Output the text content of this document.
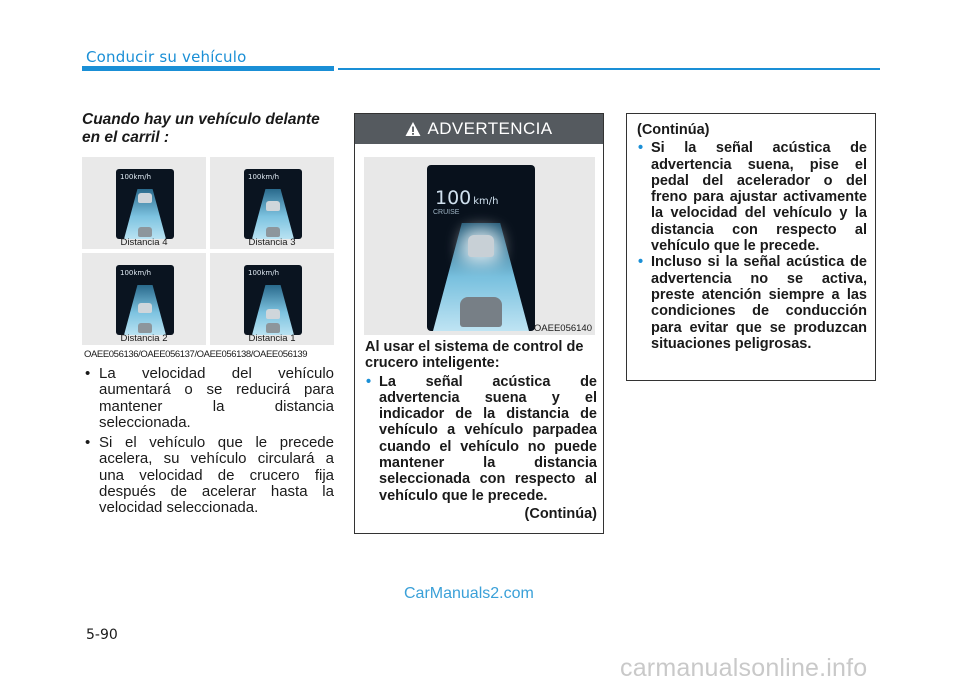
Conducir su vehículo
Cuando hay un vehículo delante en el carril :
100km/h
Distancia 4
100km/h
Distancia 3
100km/h
Distancia 2
100km/h
Distancia 1
OAEE056136/OAEE056137/OAEE056138/OAEE056139
• La velocidad del vehículo aumentará o se reducirá para mantener la distancia seleccionada.
• Si el vehículo que le precede acelera, su vehículo circulará a una velocidad de crucero fija después de acelerar hasta la velocidad seleccionada.
ADVERTENCIA
100 km/h
CRUISE
OAEE056140

Al usar el sistema de control de crucero inteligente:

• La señal acústica de advertencia suena y el indicador de la distancia de vehículo a vehículo parpadea cuando el vehículo no puede mantener la distancia seleccionada con respecto al vehículo que le precede.
(Continúa)

(Continúa)

• Si la señal acústica de advertencia suena, pise el pedal del acelerador o del freno para ajustar activamente la velocidad del vehículo y la distancia con respecto al vehículo que le precede.
• Incluso si la señal acústica de advertencia no se activa, preste atención siempre a las condiciones de conducción para evitar que se produzcan situaciones peligrosas.
5-90
CarManuals2.com
carmanualsonline.info
